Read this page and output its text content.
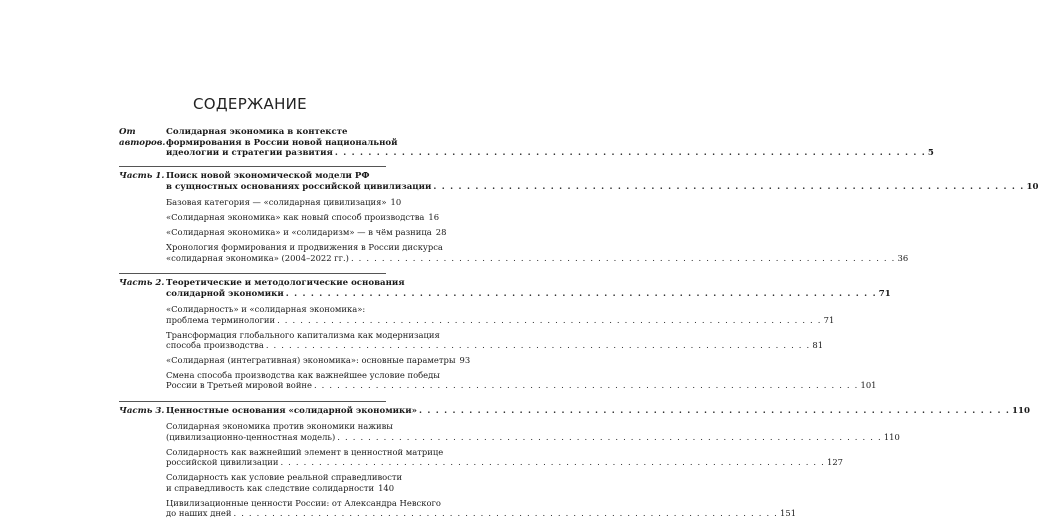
СОДЕРЖАНИЕ
От авторов.
Солидарная экономика в контексте
формирования в России новой национальной
идеологии и стратегии развития . . .	5
Часть 1. Поиск новой экономической модели РФ
в сущностных основаниях российской цивилизации . . .	10
Базовая категория — «солидарная цивилизация» 10
«Солидарная экономика» как новый способ производства 16
«Солидарная экономика» и «солидаризм» — в чём разница 28
Хронология формирования и продвижения в России дискурса
«солидарная экономика» (2004–2022 гг.) . . .	36
Часть 2. Теоретические и методологические основания
солидарной экономики . . .	71
«Солидарность» и «солидарная экономика»:
проблема терминологии . . .	71
Трансформация глобального капитализма как модернизация
способа производства . . .	81
«Солидарная (интегративная) экономика»: основные параметры 93
Смена способа производства как важнейшее условие победы
России в Третьей мировой войне . . .	101
Часть 3. Ценностные основания «солидарной экономики» . . .	110
Солидарная экономика против экономики наживы
(цивилизационно-ценностная модель) . . .	110
Солидарность как важнейший элемент в ценностной матрице
российской цивилизации . . .	127
Солидарность как условие реальной справедливости
и справедливость как следствие солидарности 140
Цивилизационные ценности России: от Александра Невского
до наших дней . . .	151
